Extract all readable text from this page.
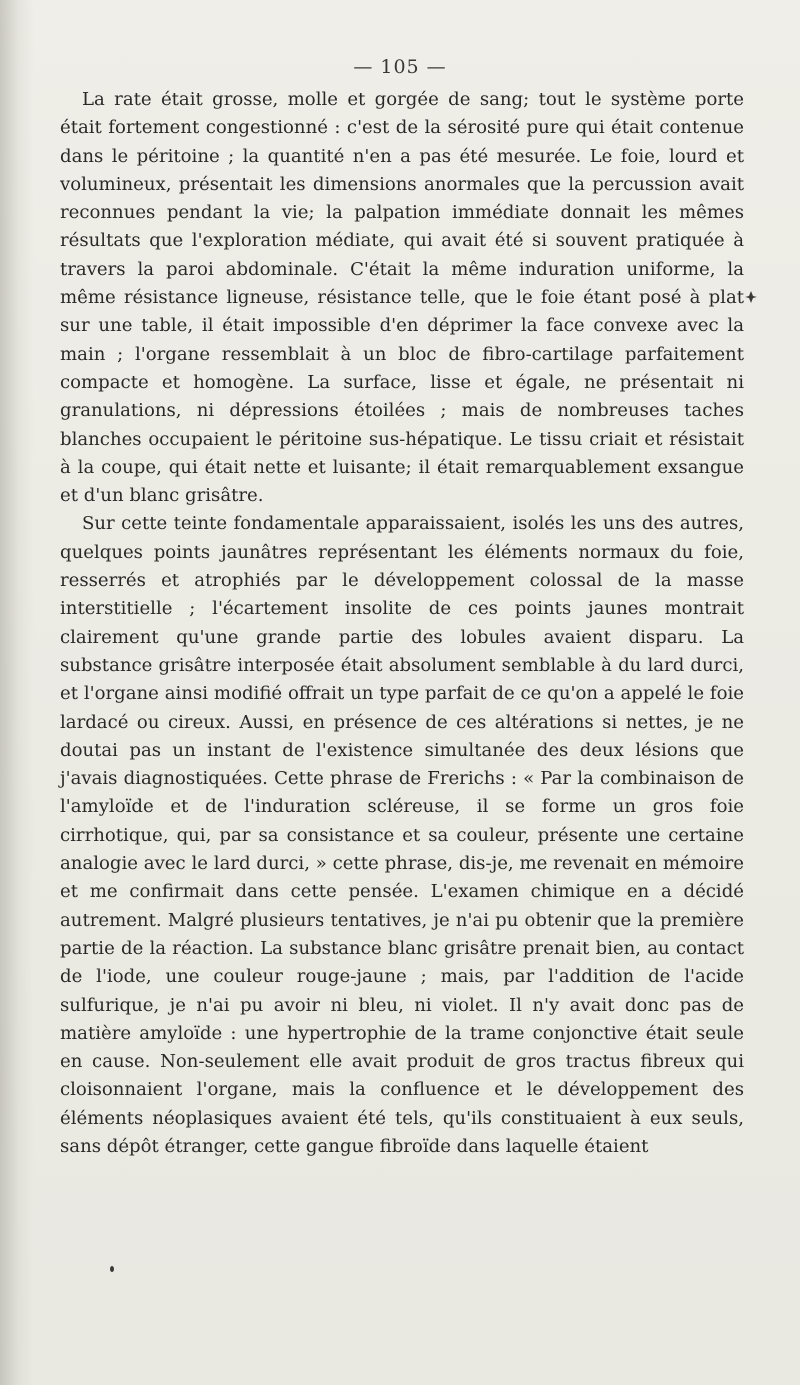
— 105 —

La rate était grosse, molle et gorgée de sang; tout le système porte était fortement congestionné : c'est de la sérosité pure qui était contenue dans le péritoine ; la quantité n'en a pas été mesurée. Le foie, lourd et volumineux, présentait les dimensions anormales que la percussion avait reconnues pendant la vie; la palpation immédiate donnait les mêmes résultats que l'exploration médiate, qui avait été si souvent pratiquée à travers la paroi abdominale. C'était la même induration uniforme, la même résistance ligneuse, résistance telle, que le foie étant posé à plat sur une table, il était impossible d'en déprimer la face convexe avec la main ; l'organe ressemblait à un bloc de fibro-cartilage parfaitement compacte et homogène. La surface, lisse et égale, ne présentait ni granulations, ni dépressions étoilées ; mais de nombreuses taches blanches occupaient le péritoine sus-hépatique. Le tissu criait et résistait à la coupe, qui était nette et luisante; il était remarquablement exsangue et d'un blanc grisâtre.

Sur cette teinte fondamentale apparaissaient, isolés les uns des autres, quelques points jaunâtres représentant les éléments normaux du foie, resserrés et atrophiés par le développement colossal de la masse interstitielle ; l'écartement insolite de ces points jaunes montrait clairement qu'une grande partie des lobules avaient disparu. La substance grisâtre interposée était absolument semblable à du lard durci, et l'organe ainsi modifié offrait un type parfait de ce qu'on a appelé le foie lardacé ou cireux. Aussi, en présence de ces altérations si nettes, je ne doutai pas un instant de l'existence simultanée des deux lésions que j'avais diagnostiquées. Cette phrase de Frerichs : « Par la combinaison de l'amyloïde et de l'induration scléreuse, il se forme un gros foie cirrhotique, qui, par sa consistance et sa couleur, présente une certaine analogie avec le lard durci, » cette phrase, dis-je, me revenait en mémoire et me confirmait dans cette pensée. L'examen chimique en a décidé autrement. Malgré plusieurs tentatives, je n'ai pu obtenir que la première partie de la réaction. La substance blanc grisâtre prenait bien, au contact de l'iode, une couleur rouge-jaune ; mais, par l'addition de l'acide sulfurique, je n'ai pu avoir ni bleu, ni violet. Il n'y avait donc pas de matière amyloïde : une hypertrophie de la trame conjonctive était seule en cause. Non-seulement elle avait produit de gros tractus fibreux qui cloisonnaient l'organe, mais la confluence et le développement des éléments néoplasiques avaient été tels, qu'ils constituaient à eux seuls, sans dépôt étranger, cette gangue fibroïde dans laquelle étaient
